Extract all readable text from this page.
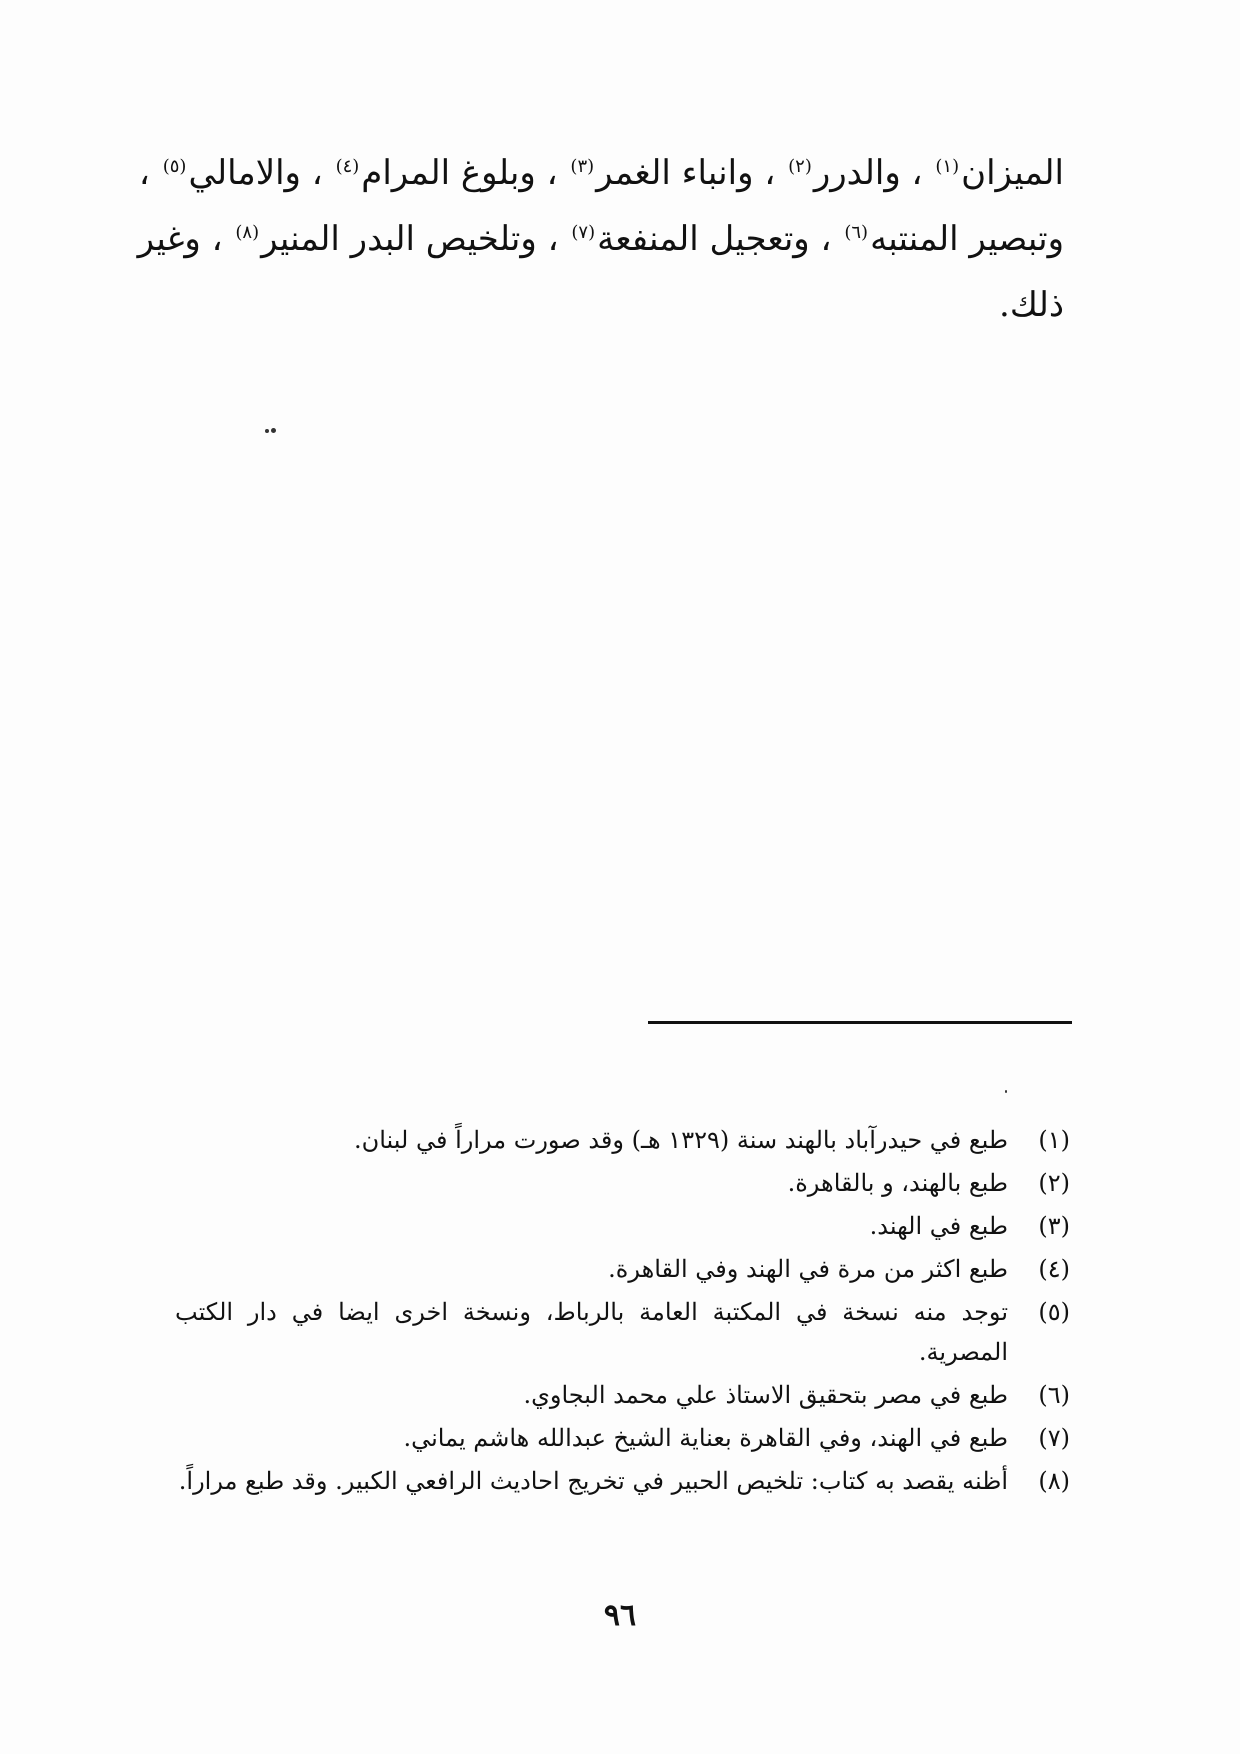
الميزان$^{(١)}$ ، والدرر$^{(٢)}$ ، وانباء الغمر$^{(٣)}$ ، وبلوغ المرام$^{(٤)}$ ، والامالي$^{(٥)}$ ،
وتبصير المنتبه$^{(٦)}$ ، وتعجيل المنفعة$^{(٧)}$ ، وتلخيص البدر المنير$^{(٨)}$ ، وغير
ذلك.
(١)
طبع في حيدرآباد بالهند سنة (١٣٢٩ هـ) وقد صورت مراراً في لبنان.
(٢)
طبع بالهند، و بالقاهرة.
(٣)
طبع في الهند.
(٤)
طبع اكثر من مرة في الهند وفي القاهرة.
(٥)
توجد منه نسخة في المكتبة العامة بالرباط، ونسخة اخرى ايضا في دار الكتب المصرية.
(٦)
طبع في مصر بتحقيق الاستاذ علي محمد البجاوي.
(٧)
طبع في الهند، وفي القاهرة بعناية الشيخ عبدالله هاشم يماني.
(٨)
أظنه يقصد به كتاب: تلخيص الحبير في تخريج احاديث الرافعي الكبير. وقد طبع مراراً.
٩٦
